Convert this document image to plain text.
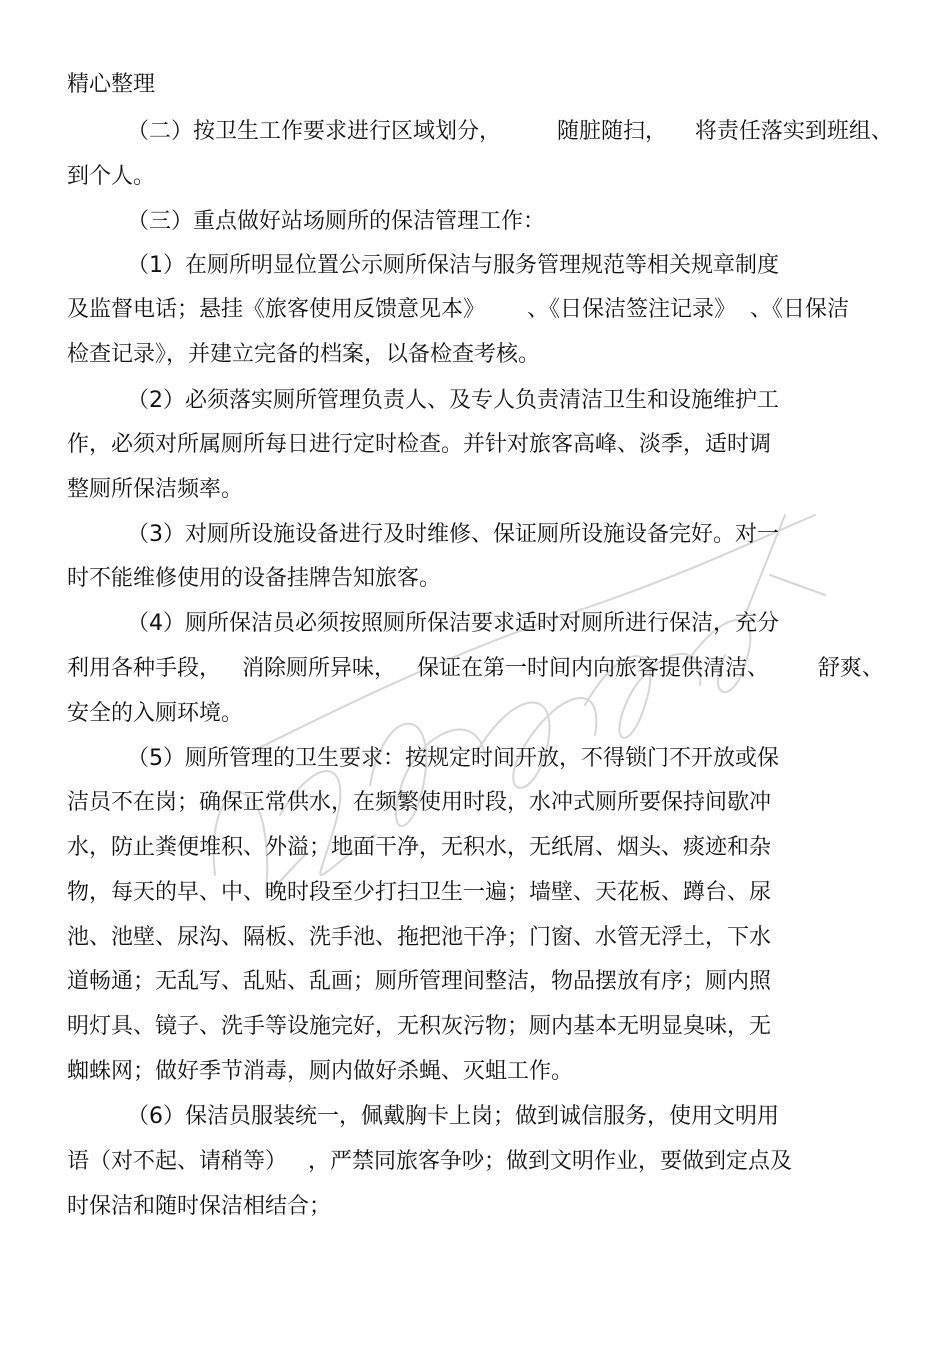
精心整理
（二）按卫生工作要求进行区域划分，        随脏随扫，    将责任落实到班组、
到个人。
（三）重点做好站场厕所的保洁管理工作：
（1）在厕所明显位置公示厕所保洁与服务管理规范等相关规章制度
及监督电话；悬挂《旅客使用反馈意见本》      、《日保洁签注记录》  、《日保洁
检查记录》，并建立完备的档案，以备检查考核。
（2）必须落实厕所管理负责人、及专人负责清洁卫生和设施维护工
作，必须对所属厕所每日进行定时检查。并针对旅客高峰、淡季，适时调
整厕所保洁频率。
（3）对厕所设施设备进行及时维修、保证厕所设施设备完好。对一
时不能维修使用的设备挂牌告知旅客。
（4）厕所保洁员必须按照厕所保洁要求适时对厕所进行保洁，充分
利用各种手段，   消除厕所异味，   保证在第一时间内向旅客提供清洁、       舒爽、
安全的入厕环境。
（5）厕所管理的卫生要求：按规定时间开放，不得锁门不开放或保
洁员不在岗；确保正常供水，在频繁使用时段，水冲式厕所要保持间歇冲
水，防止粪便堆积、外溢；地面干净，无积水，无纸屑、烟头、痰迹和杂
物，每天的早、中、晚时段至少打扫卫生一遍；墙壁、天花板、蹲台、尿
池、池壁、尿沟、隔板、洗手池、拖把池干净；门窗、水管无浮土，下水
道畅通；无乱写、乱贴、乱画；厕所管理间整洁，物品摆放有序；厕内照
明灯具、镜子、洗手等设施完好，无积灰污物；厕内基本无明显臭味，无
蜘蛛网；做好季节消毒，厕内做好杀蝇、灭蛆工作。
（6）保洁员服装统一，佩戴胸卡上岗；做到诚信服务，使用文明用
语（对不起、请稍等）   ，严禁同旅客争吵；做到文明作业，要做到定点及
时保洁和随时保洁相结合；
